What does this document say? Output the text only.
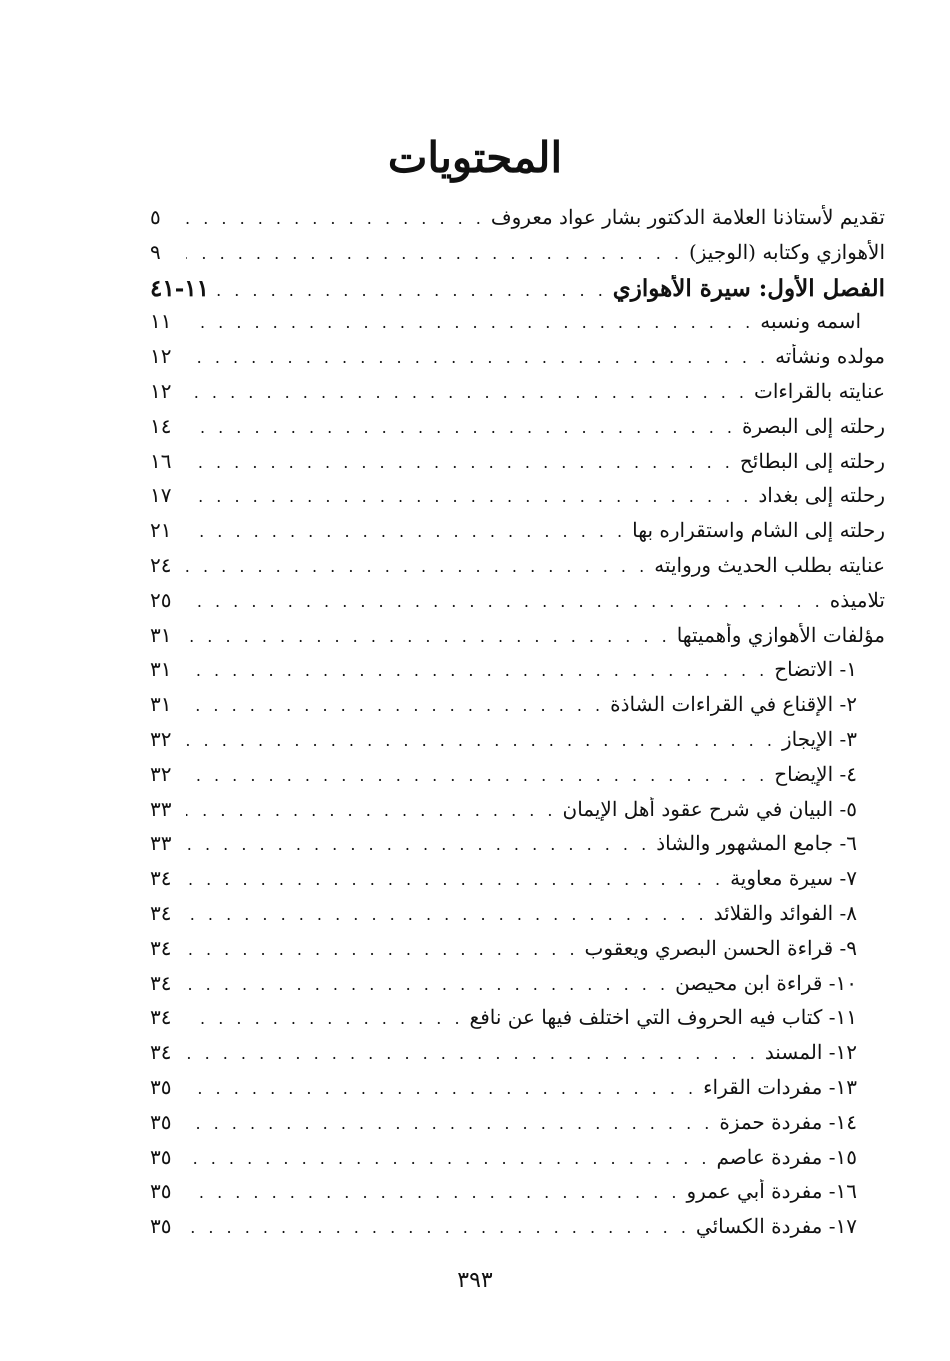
المحتويات
تقديم لأستاذنا العلامة الدكتور بشار عواد معروف
. . .
٥
الأهوازي وكتابه (الوجيز)
. . .
٩
الفصل الأول: سيرة الأهوازي
. . .
١١-٤١
اسمه ونسبه
. . .
١١
مولده ونشأته
. . .
١٢
عنايته بالقراءات
. . .
١٢
رحلته إلى البصرة
. . .
١٤
رحلته إلى البطائح
. . .
١٦
رحلته إلى بغداد
. . .
١٧
رحلته إلى الشام واستقراره بها
. . .
٢١
عنايته بطلب الحديث وروايته
. . .
٢٤
تلاميذه
. . .
٢٥
مؤلفات الأهوازي وأهميتها
. . .
٣١
١- الاتضاح
. . .
٣١
٢- الإقناع في القراءات الشاذة
. . .
٣١
٣- الإيجاز
. . .
٣٢
٤- الإيضاح
. . .
٣٢
٥- البيان في شرح عقود أهل الإيمان
. . .
٣٣
٦- جامع المشهور والشاذ
. . .
٣٣
٧- سيرة معاوية
. . .
٣٤
٨- الفوائد والقلائد
. . .
٣٤
٩- قراءة الحسن البصري ويعقوب
. . .
٣٤
١٠- قراءة ابن محيصن
. . .
٣٤
١١- كتاب فيه الحروف التي اختلف فيها عن نافع
. . .
٣٤
١٢- المسند
. . .
٣٤
١٣- مفردات القراء
. . .
٣٥
١٤- مفردة حمزة
. . .
٣٥
١٥- مفردة عاصم
. . .
٣٥
١٦- مفردة أبي عمرو
. . .
٣٥
١٧- مفردة الكسائي
. . .
٣٥
٣٩٣
